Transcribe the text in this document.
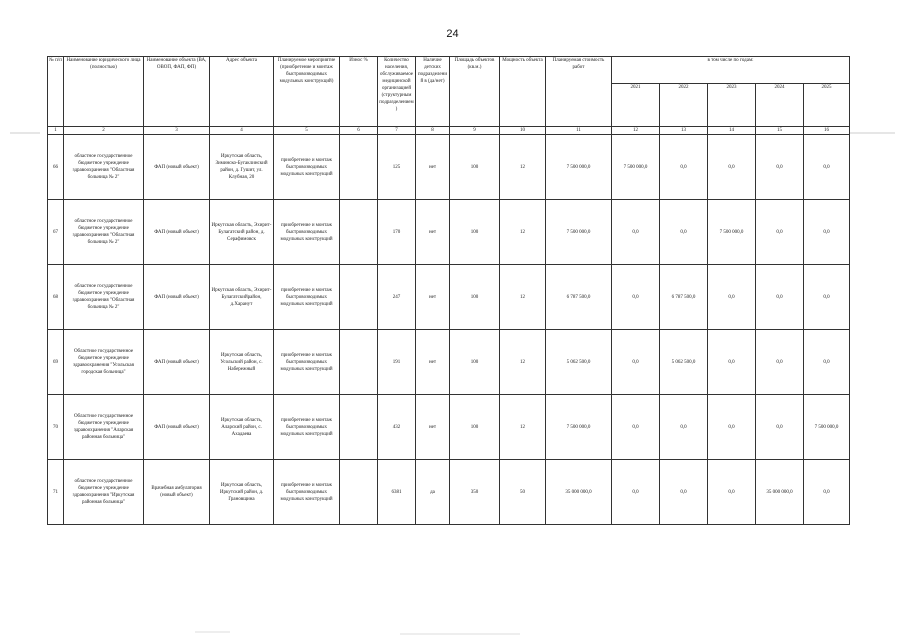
24
№ п/п	Наименование юридического лица (полностью)	Наименование объекта (ВА, ОВОП, ФАП, ФП)	Адрес объекта	Планируемое мероприятие (приобретение и монтаж быстровозводимых модульных конструкций)	Износ %	Количество населения, обслуживаемое медицинской организацией (структурным подразделением)	Наличие детских подразделений в (да/нет)	Площадь объектов (кв.м.)	Мощность объекта	Планируемая стоимость работ	в том числе по годам:				
											2021	2022	2023	2024	2025
1	2	3	4	5	6	7	8	9	10	11	12	13	14	15	16
66	областное государственное бюджетное учреждение здравоохранения "Областная больница № 2"	ФАП (новый объект)	Иркутская область, Зиминско-Бугаклинский район, д. Гушит, ул. Клубная, 20	приобретение и монтаж быстровозводимых модульных конструкций		125	нет	100	12	7 500 000,0	7 500 000,0	0,0	0,0	0,0	0,0
67	областное государственное бюджетное учреждение здравоохранения "Областная больница № 2"	ФАП (новый объект)	Иркутская область, Эхирит-Булагатский район, д. Серафимовск	приобретение и монтаж быстровозводимых модульных конструкций		170	нет	100	12	7 500 000,0	0,0	0,0	7 500 000,0	0,0	0,0
68	областное государственное бюджетное учреждение здравоохранения "Областная больница № 2"	ФАП (новый объект)	Иркутская область, Эхирит-Булагатскийрайон, д.Харанут	приобретение и монтаж быстровозводимых модульных конструкций		247	нет	100	12	6 787 500,0	0,0	6 787 500,0	0,0	0,0	0,0
69	Областное государственное бюджетное учреждение здравоохранения "Усольская городская больница"	ФАП (новый объект)	Иркутская область, Усольский район, с. Набережный	приобретение и монтаж быстровозводимых модульных конструкций		191	нет	100	12	5 062 500,0	0,0	5 062 500,0	0,0	0,0	0,0
70	Областное государственное бюджетное учреждение здравоохранения "Аларская районная больница"	ФАП (новый объект)	Иркутская область, Аларский район, с. Ахадаева	приобретение и монтаж быстровозводимых модульных конструкций		432	нет	100	12	7 500 000,0	0,0	0,0	0,0	0,0	7 500 000,0
71	областное государственное бюджетное учреждение здравоохранения "Иркутская районная больница"	Врачебная амбулатория (новый объект)	Иркутская область, Иркутский район, д. Грановщина	приобретение и монтаж быстровозводимых модульных конструкций		6381	да	350	50	35 000 000,0	0,0	0,0	0,0	35 000 000,0	0,0
